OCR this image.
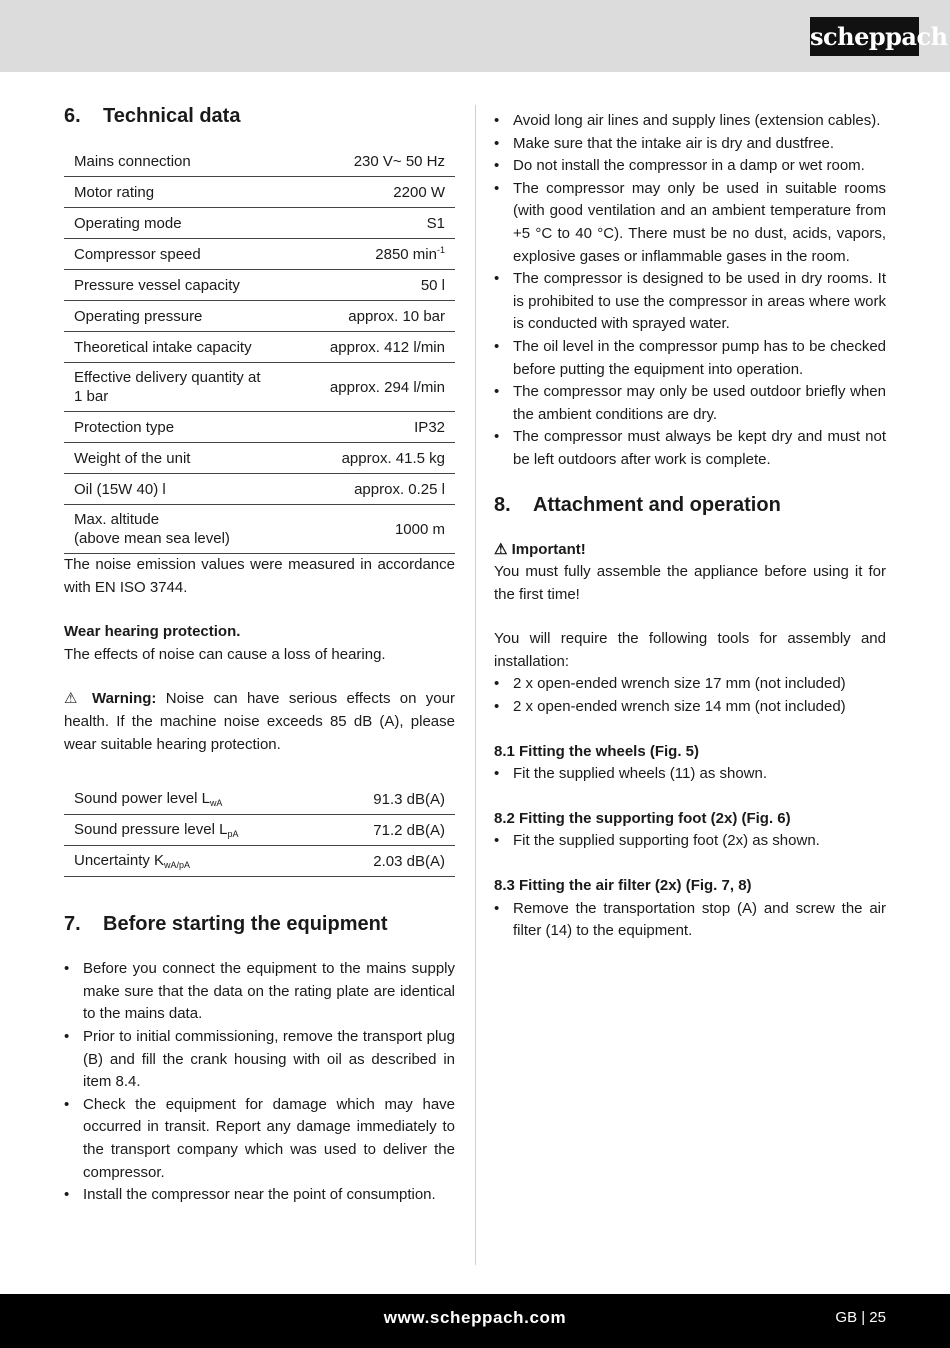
scheppach
6.	Technical data
Mains connection	230 V~ 50 Hz
Motor rating	2200 W
Operating mode	S1
Compressor speed	2850 $\min^{-1}$
Pressure vessel capacity	50 l
Operating pressure	approx. 10 bar
Theoretical intake capacity	approx. 412 l/min
Effective delivery quantity at
1 bar	approx. 294 l/min
Protection type	IP32
Weight of the unit	approx. 41.5 kg
Oil (15W 40) l	approx. 0.25 l
Max. altitude
(above mean sea level)	1000 m

The noise emission values were measured in accordance with EN ISO 3744.

Wear hearing protection.

The effects of noise can cause a loss of hearing.

⚠ Warning: Noise can have serious effects on your health. If the machine noise exceeds 85 dB (A), please wear suitable hearing protection.

Sound power level $L_{wA}$	91.3 dB(A)
Sound pressure level $L_{pA}$	71.2 dB(A)
Uncertainty $K_{wA/pA}$	2.03 dB(A)
7.	Before starting the equipment
• Before you connect the equipment to the mains supply make sure that the data on the rating plate are identical to the mains data.
• Prior to initial commissioning, remove the transport plug (B) and fill the crank housing with oil as described in item 8.4.
• Check the equipment for damage which may have occurred in transit. Report any damage immediately to the transport company which was used to deliver the compressor.
• Install the compressor near the point of consumption.
• Avoid long air lines and supply lines (extension cables).
• Make sure that the intake air is dry and dustfree.
• Do not install the compressor in a damp or wet room.
• The compressor may only be used in suitable rooms (with good ventilation and an ambient temperature from +5 °C to 40 °C). There must be no dust, acids, vapors, explosive gases or inflammable gases in the room.
• The compressor is designed to be used in dry rooms. It is prohibited to use the compressor in areas where work is conducted with sprayed water.
• The oil level in the compressor pump has to be checked before putting the equipment into operation.
• The compressor may only be used outdoor briefly when the ambient conditions are dry.
• The compressor must always be kept dry and must not be left outdoors after work is complete.
8.	Attachment and operation

⚠ Important!

You must fully assemble the appliance before using it for the first time!

You will require the following tools for assembly and installation:

• 2 x open-ended wrench size 17 mm (not included)
• 2 x open-ended wrench size 14 mm (not included)

8.1 Fitting the wheels (Fig. 5)

• Fit the supplied wheels (11) as shown.

8.2 Fitting the supporting foot (2x) (Fig. 6)

• Fit the supplied supporting foot (2x) as shown.

8.3 Fitting the air filter (2x) (Fig. 7, 8)

• Remove the transportation stop (A) and screw the air filter (14) to the equipment.
www.scheppach.com	GB | 25
